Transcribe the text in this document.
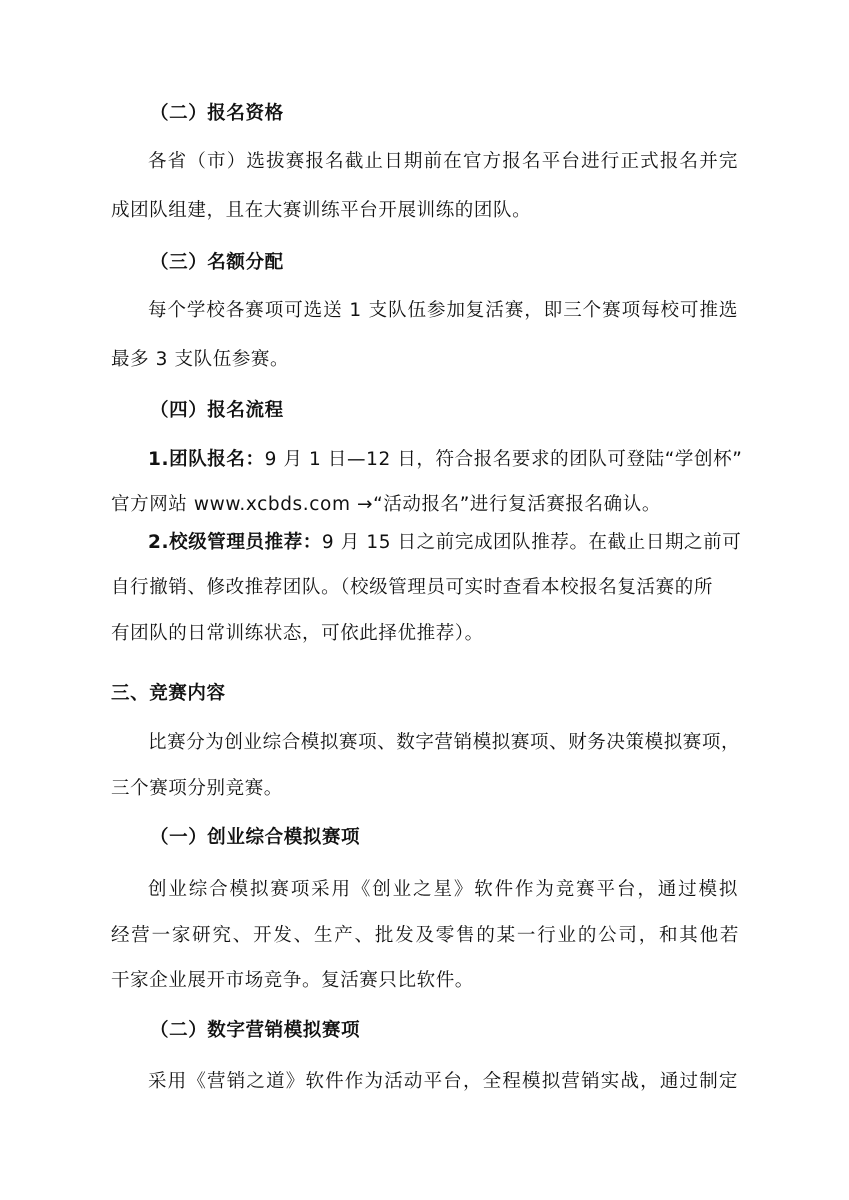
（二）报名资格
各省（市）选拔赛报名截止日期前在官方报名平台进行正式报名并完
成团队组建，且在大赛训练平台开展训练的团队。
（三）名额分配
每个学校各赛项可选送 1 支队伍参加复活赛，即三个赛项每校可推选
最多 3 支队伍参赛。
（四）报名流程
1.团队报名：9 月 1 日—12 日，符合报名要求的团队可登陆“学创杯”
官方网站 www.xcbds.com →“活动报名”进行复活赛报名确认。
2.校级管理员推荐：9 月 15 日之前完成团队推荐。在截止日期之前可
自行撤销、修改推荐团队。（校级管理员可实时查看本校报名复活赛的所
有团队的日常训练状态，可依此择优推荐）。
三、竞赛内容
比赛分为创业综合模拟赛项、数字营销模拟赛项、财务决策模拟赛项，
三个赛项分别竞赛。
（一）创业综合模拟赛项
创业综合模拟赛项采用《创业之星》软件作为竞赛平台，通过模拟
经营一家研究、开发、生产、批发及零售的某一行业的公司，和其他若
干家企业展开市场竞争。复活赛只比软件。
（二）数字营销模拟赛项
采用《营销之道》软件作为活动平台，全程模拟营销实战，通过制定
